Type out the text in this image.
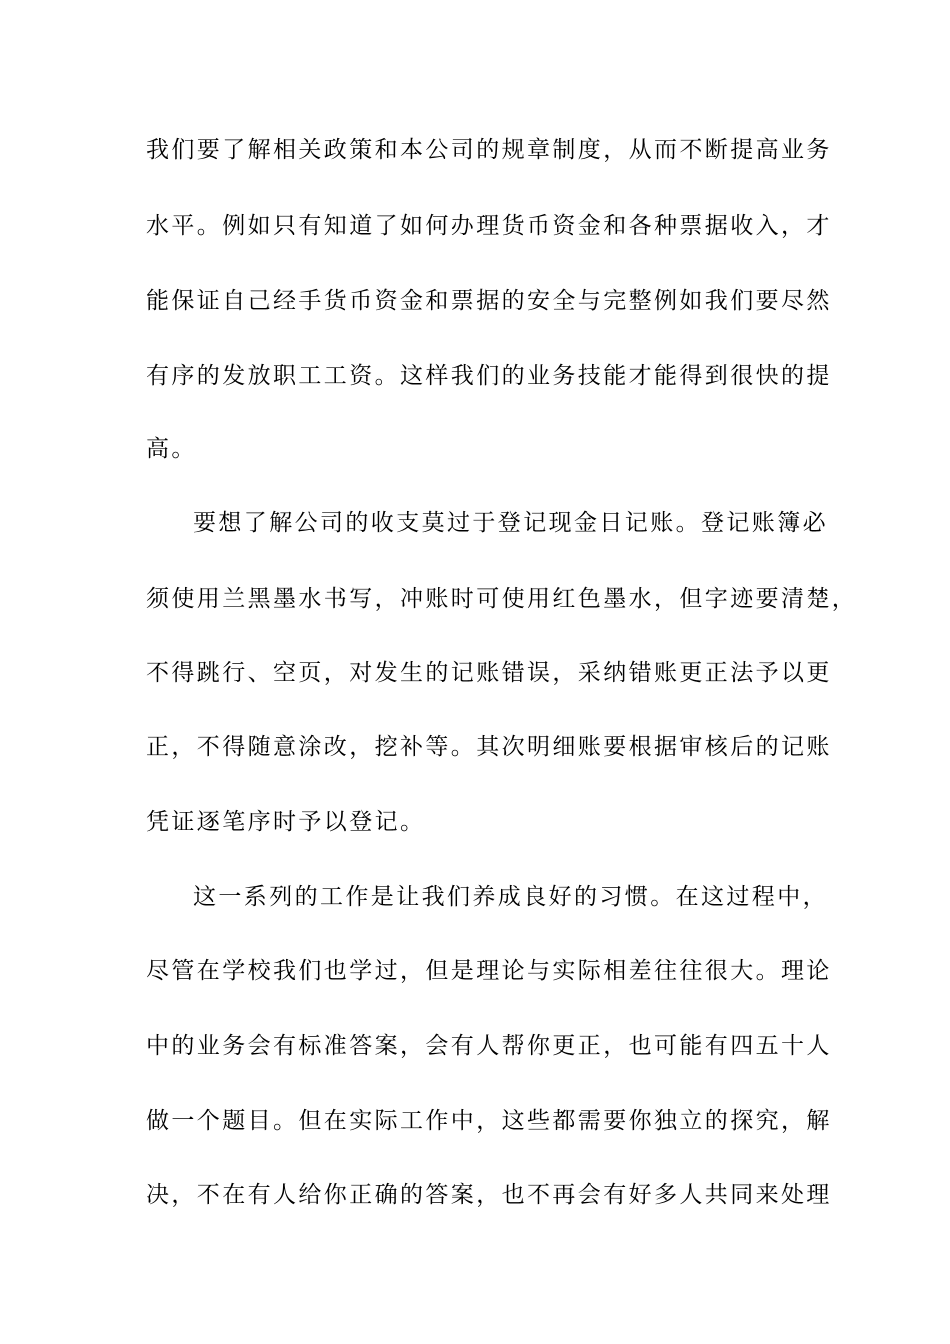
我们要了解相关政策和本公司的规章制度，从而不断提高业务
水平。例如只有知道了如何办理货币资金和各种票据收入，才
能保证自己经手货币资金和票据的安全与完整例如我们要尽然
有序的发放职工工资。这样我们的业务技能才能得到很快的提
高。
要想了解公司的收支莫过于登记现金日记账。登记账簿必
须使用兰黑墨水书写，冲账时可使用红色墨水，但字迹要清楚，
不得跳行、空页，对发生的记账错误，采纳错账更正法予以更
正，不得随意涂改，挖补等。其次明细账要根据审核后的记账
凭证逐笔序时予以登记。
这一系列的工作是让我们养成良好的习惯。在这过程中，
尽管在学校我们也学过，但是理论与实际相差往往很大。理论
中的业务会有标准答案，会有人帮你更正，也可能有四五十人
做一个题目。但在实际工作中，这些都需要你独立的探究，解
决，不在有人给你正确的答案，也不再会有好多人共同来处理
